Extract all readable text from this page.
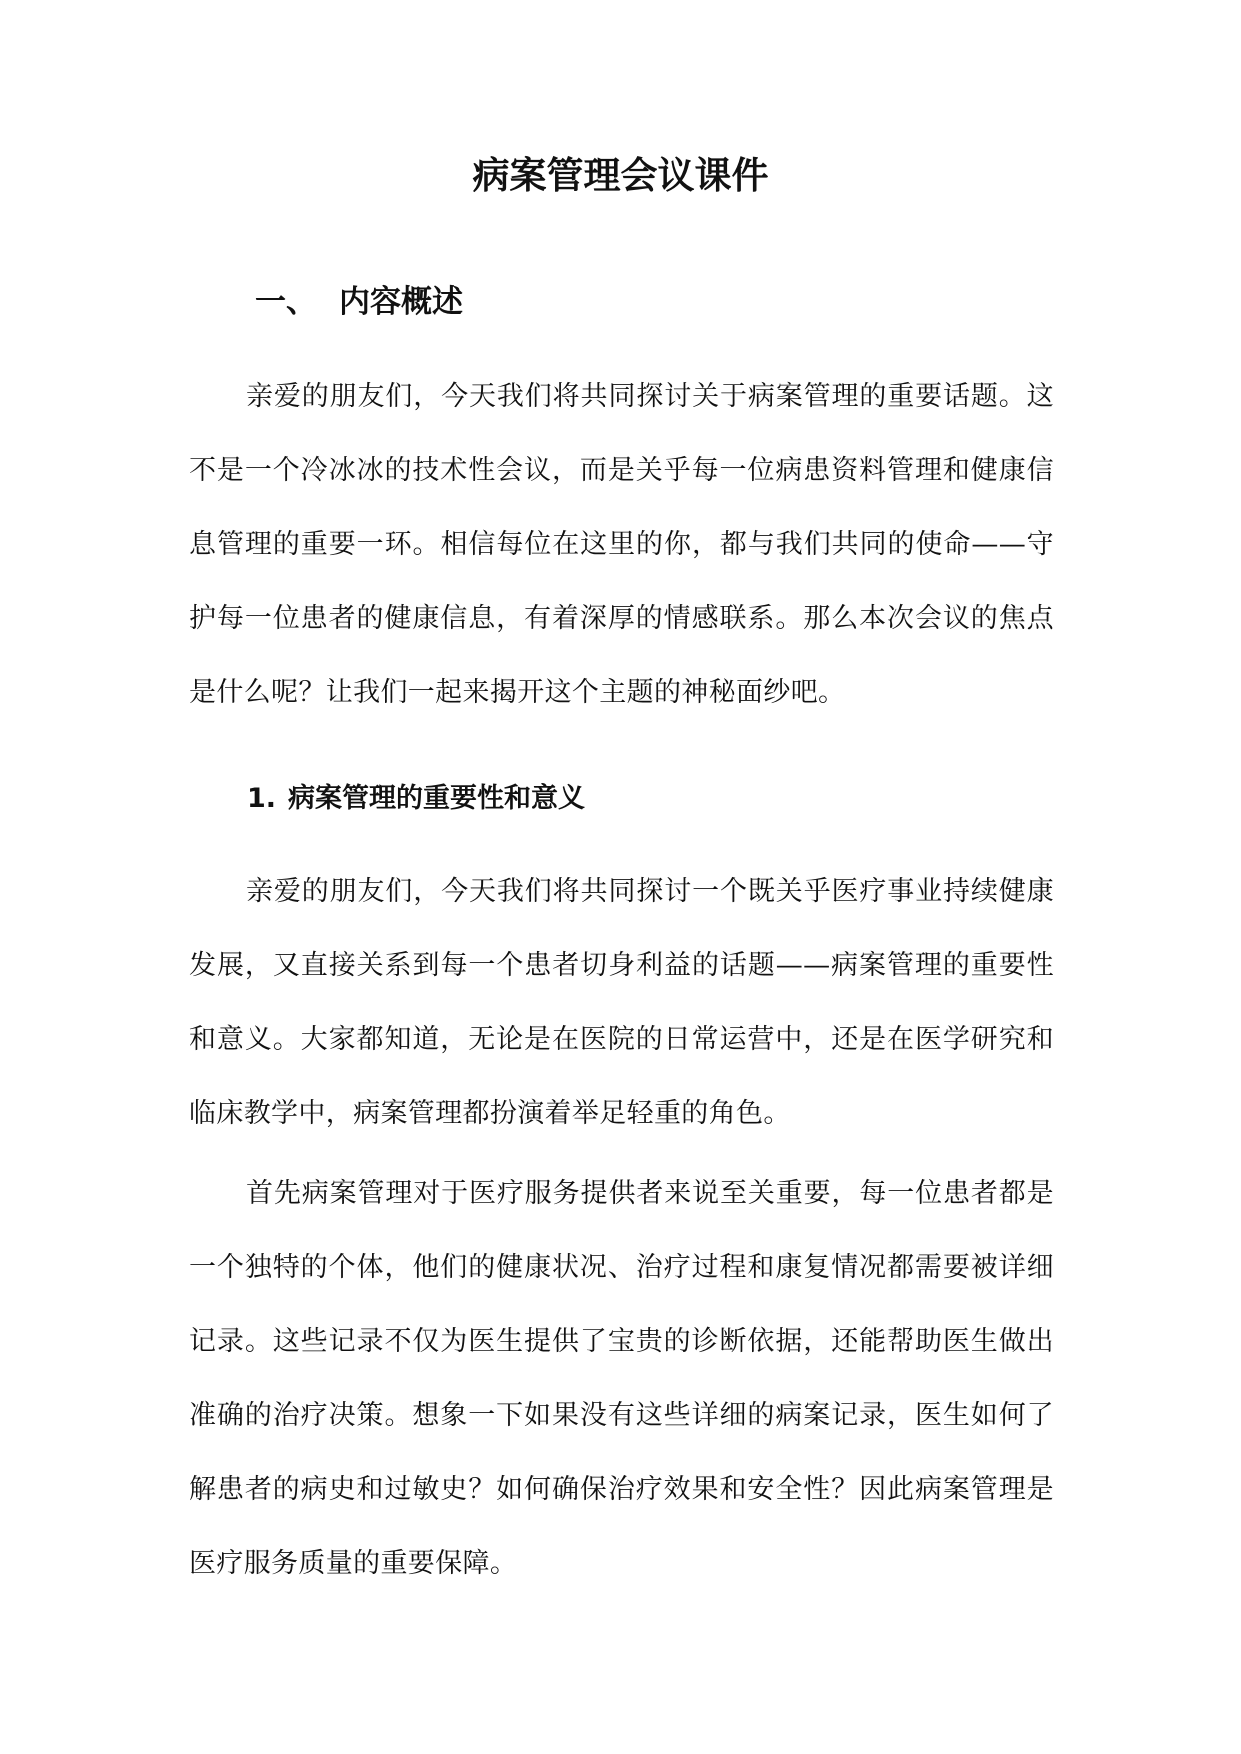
病案管理会议课件
一、 内容概述

亲爱的朋友们，今天我们将共同探讨关于病案管理的重要话题。这不是一个冷冰冰的技术性会议，而是关乎每一位病患资料管理和健康信息管理的重要一环。相信每位在这里的你，都与我们共同的使命——守护每一位患者的健康信息，有着深厚的情感联系。那么本次会议的焦点是什么呢？让我们一起来揭开这个主题的神秘面纱吧。

1. 病案管理的重要性和意义

亲爱的朋友们，今天我们将共同探讨一个既关乎医疗事业持续健康发展，又直接关系到每一个患者切身利益的话题——病案管理的重要性和意义。大家都知道，无论是在医院的日常运营中，还是在医学研究和临床教学中，病案管理都扮演着举足轻重的角色。

首先病案管理对于医疗服务提供者来说至关重要，每一位患者都是一个独特的个体，他们的健康状况、治疗过程和康复情况都需要被详细记录。这些记录不仅为医生提供了宝贵的诊断依据，还能帮助医生做出准确的治疗决策。想象一下如果没有这些详细的病案记录，医生如何了解患者的病史和过敏史？如何确保治疗效果和安全性？因此病案管理是医疗服务质量的重要保障。
